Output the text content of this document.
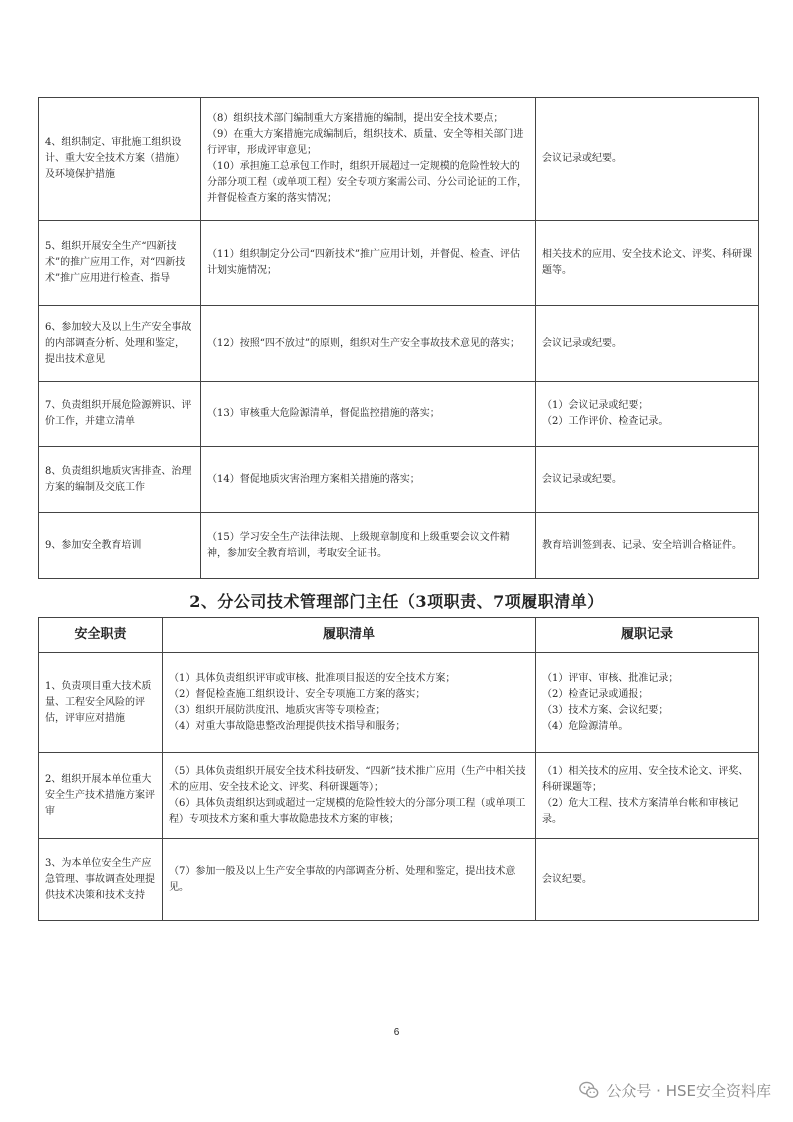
4、组织制定、审批施工组织设计、重大安全技术方案（措施）及环境保护措施	（8）组织技术部门编制重大方案措施的编制，提出安全技术要点；
（9）在重大方案措施完成编制后，组织技术、质量、安全等相关部门进行评审，形成评审意见；
（10）承担施工总承包工作时，组织开展超过一定规模的危险性较大的分部分项工程（或单项工程）安全专项方案需公司、分公司论证的工作，并督促检查方案的落实情况；	会议记录或纪要。

5、组织开展安全生产“四新技术”的推广应用工作，对“四新技术”推广应用进行检查、指导	（11）组织制定分公司“四新技术”推广应用计划，并督促、检查、评估计划实施情况；	相关技术的应用、安全技术论文、评奖、科研课题等。

6、参加较大及以上生产安全事故的内部调查分析、处理和鉴定，提出技术意见	（12）按照“四不放过”的原则，组织对生产安全事故技术意见的落实；	会议记录或纪要。

7、负责组织开展危险源辨识、评价工作，并建立清单	（13）审核重大危险源清单，督促监控措施的落实；	（1）会议记录或纪要；
（2）工作评价、检查记录。

8、负责组织地质灾害排查、治理方案的编制及交底工作	（14）督促地质灾害治理方案相关措施的落实；	会议记录或纪要。

9、参加安全教育培训	（15）学习安全生产法律法规、上级规章制度和上级重要会议文件精神，参加安全教育培训，考取安全证书。	教育培训签到表、记录、安全培训合格证件。
2、分公司技术管理部门主任（3项职责、7项履职清单）
安全职责	履职清单	履职记录
1、负责项目重大技术质量、工程安全风险的评估，评审应对措施	（1）具体负责组织评审或审核、批准项目报送的安全技术方案；
（2）督促检查施工组织设计、安全专项施工方案的落实；
（3）组织开展防洪度汛、地质灾害等专项检查；
（4）对重大事故隐患整改治理提供技术指导和服务；	（1）评审、审核、批准记录；
（2）检查记录或通报；
（3）技术方案、会议纪要；
（4）危险源清单。

2、组织开展本单位重大安全生产技术措施方案评审	（5）具体负责组织开展安全技术科技研发、“四新”技术推广应用（生产中相关技术的应用、安全技术论文、评奖、科研课题等）；
（6）具体负责组织达到或超过一定规模的危险性较大的分部分项工程（或单项工程）专项技术方案和重大事故隐患技术方案的审核；	（1）相关技术的应用、安全技术论文、评奖、科研课题等；
（2）危大工程、技术方案清单台帐和审核记录。

3、为本单位安全生产应急管理、事故调查处理提供技术决策和技术支持	（7）参加一般及以上生产安全事故的内部调查分析、处理和鉴定，提出技术意见。	会议纪要。
6
公众号 · HSE安全资料库
